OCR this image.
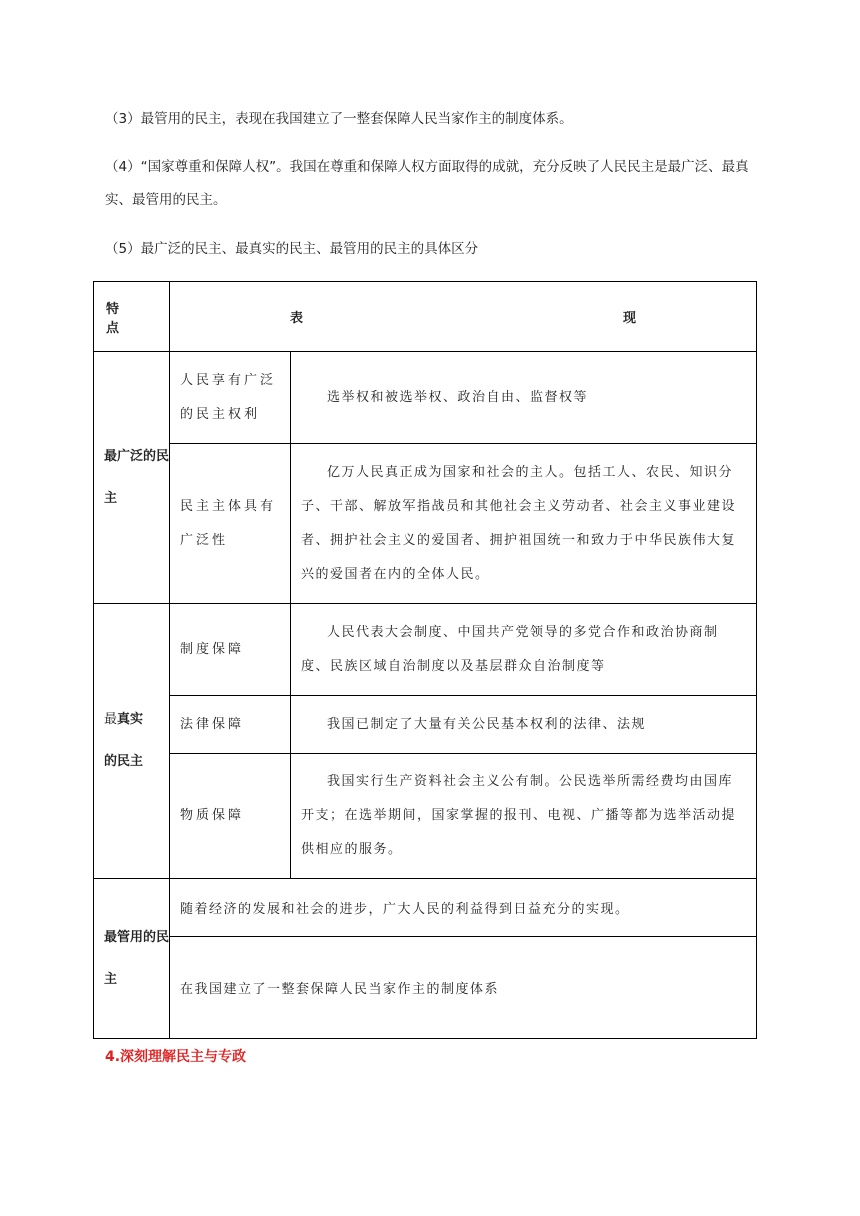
（3）最管用的民主，表现在我国建立了一整套保障人民当家作主的制度体系。
（4）“国家尊重和保障人权”。我国在尊重和保障人权方面取得的成就，充分反映了人民民主是最广泛、最真实、最管用的民主。
（5）最广泛的民主、最真实的民主、最管用的民主的具体区分
特点	表 现	

最广泛的民主	人民享有广泛的民主权利	选举权和被选举权、政治自由、监督权等
	民主主体具有广泛性	亿万人民真正成为国家和社会的主人。包括工人、农民、知识分子、干部、解放军指战员和其他社会主义劳动者、社会主义事业建设者、拥护社会主义的爱国者、拥护祖国统一和致力于中华民族伟大复兴的爱国者在内的全体人民。
最真实
的民主	制度保障	人民代表大会制度、中国共产党领导的多党合作和政治协商制度、民族区域自治制度以及基层群众自治制度等
	法律保障	我国已制定了大量有关公民基本权利的法律、法规
	物质保障	我国实行生产资料社会主义公有制。公民选举所需经费均由国库开支；在选举期间，国家掌握的报刊、电视、广播等都为选举活动提供相应的服务。
最管用的民主	随着经济的发展和社会的进步，广大人民的利益得到日益充分的实现。	
	在我国建立了一整套保障人民当家作主的制度体系	
4.深刻理解民主与专政
